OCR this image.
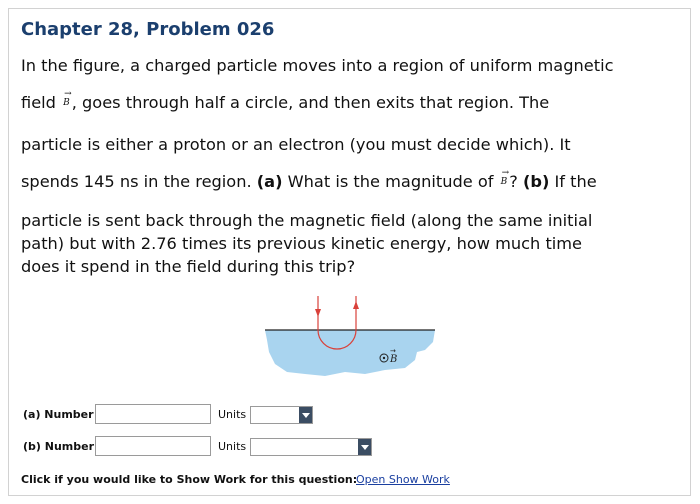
Chapter 28, Problem 026
In the figure, a charged particle moves into a region of uniform magnetic
field →
B , goes through half a circle, and then exits that region. The
particle is either a proton or an electron (you must decide which). It
spends 145 ns in the region. (a) What is the magnitude of →
B ? (b) If the
particle is sent back through the magnetic field (along the same initial
path) but with 2.76 times its previous kinetic energy, how much time
does it spend in the field during this trip?
B
→
(a) Number	Units
(b) Number	Units
Click if you would like to Show Work for this question:
Open Show Work
